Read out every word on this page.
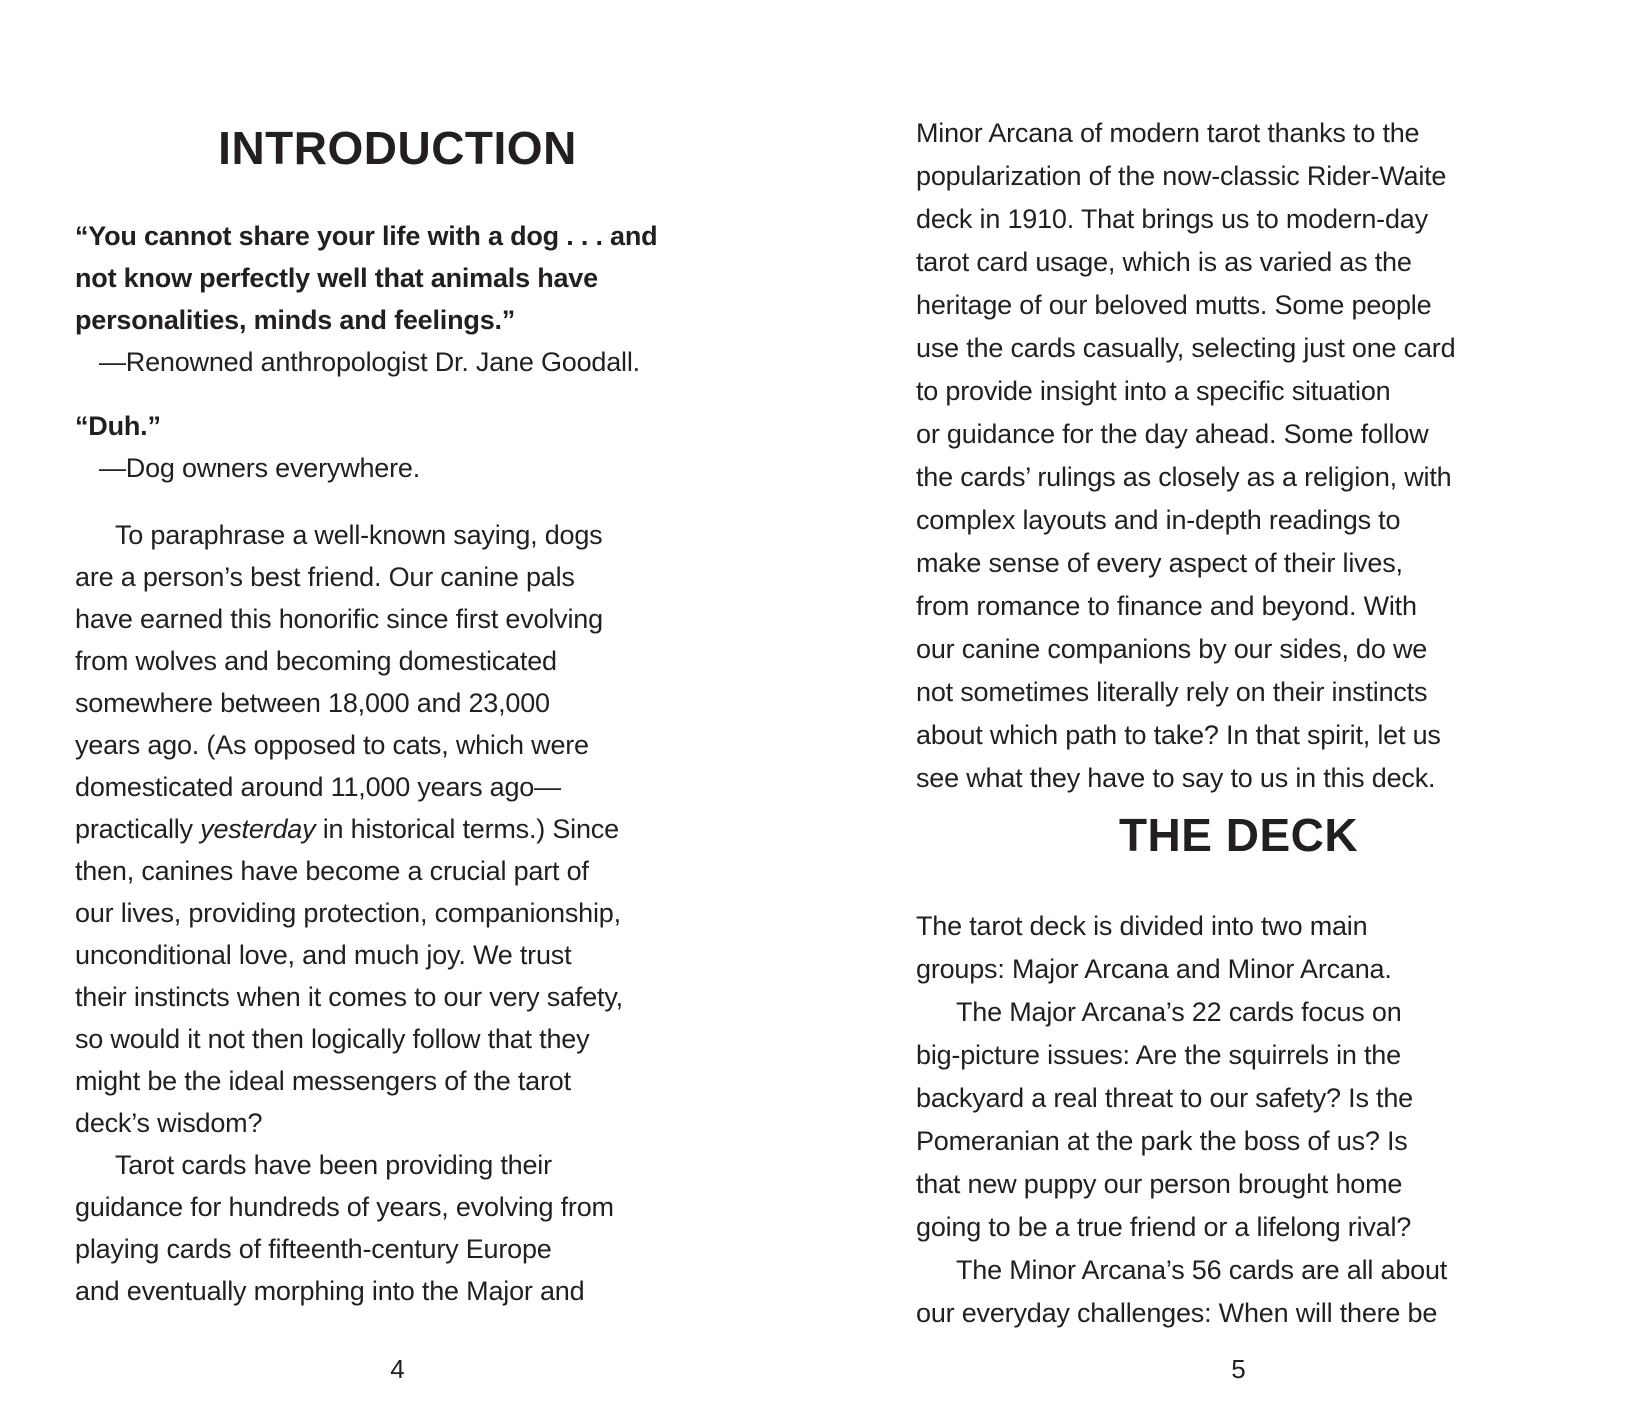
INTRODUCTION
“You cannot share your life with a dog . . . and
not know perfectly well that animals have
personalities, minds and feelings.”
—Renowned anthropologist Dr. Jane Goodall.
“Duh.”
—Dog owners everywhere.
To paraphrase a well-known saying, dogs
are a person’s best friend. Our canine pals
have earned this honorific since first evolving
from wolves and becoming domesticated
somewhere between 18,000 and 23,000
years ago. (As opposed to cats, which were
domesticated around 11,000 years ago—
practically yesterday in historical terms.) Since
then, canines have become a crucial part of
our lives, providing protection, companionship,
unconditional love, and much joy. We trust
their instincts when it comes to our very safety,
so would it not then logically follow that they
might be the ideal messengers of the tarot
deck’s wisdom?
Tarot cards have been providing their
guidance for hundreds of years, evolving from
playing cards of fifteenth-century Europe
and eventually morphing into the Major and
4
Minor Arcana of modern tarot thanks to the
popularization of the now-classic Rider-Waite
deck in 1910. That brings us to modern-day
tarot card usage, which is as varied as the
heritage of our beloved mutts. Some people
use the cards casually, selecting just one card
to provide insight into a specific situation
or guidance for the day ahead. Some follow
the cards’ rulings as closely as a religion, with
complex layouts and in-depth readings to
make sense of every aspect of their lives,
from romance to finance and beyond. With
our canine companions by our sides, do we
not sometimes literally rely on their instincts
about which path to take? In that spirit, let us
see what they have to say to us in this deck.
THE DECK
The tarot deck is divided into two main
groups: Major Arcana and Minor Arcana.
The Major Arcana’s 22 cards focus on
big-picture issues: Are the squirrels in the
backyard a real threat to our safety? Is the
Pomeranian at the park the boss of us? Is
that new puppy our person brought home
going to be a true friend or a lifelong rival?
The Minor Arcana’s 56 cards are all about
our everyday challenges: When will there be
5
